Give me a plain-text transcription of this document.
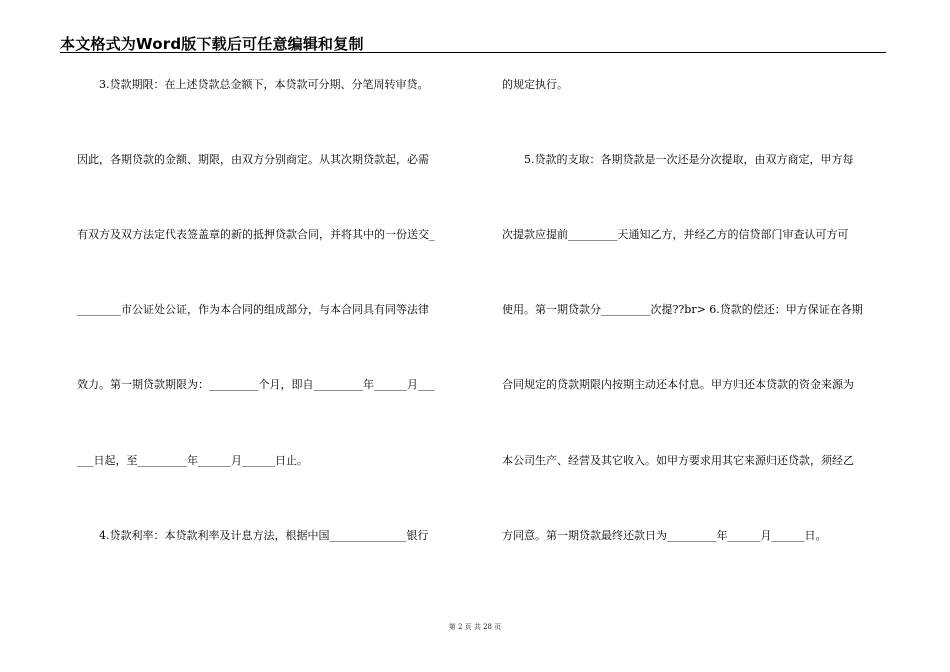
本文格式为Word版下载后可任意编辑和复制
　　3.贷款期限：在上述贷款总金额下，本贷款可分期、分笔周转审贷。
因此，各期贷款的金额、期限，由双方分别商定。从其次期贷款起，必需
有双方及双方法定代表签盖章的新的抵押贷款合同，并将其中的一份送交_
________市公证处公证，作为本合同的组成部分，与本合同具有同等法律
效力。第一期贷款期限为：_________个月，即自_________年______月___
___日起，至_________年______月______日止。
　　4.贷款利率：本贷款利率及计息方法，根据中国______________银行
的规定执行。
　　5.贷款的支取：各期贷款是一次还是分次提取，由双方商定，甲方每
次提款应提前_________天通知乙方，并经乙方的信贷部门审查认可方可
使用。第一期贷款分_________次提??br> 6.贷款的偿还：甲方保证在各期
合同规定的贷款期限内按期主动还本付息。甲方归还本贷款的资金来源为
本公司生产、经营及其它收入。如甲方要求用其它来源归还贷款，须经乙
方同意。第一期贷款最终还款日为_________年______月______日。
第 2 页 共 28 页
